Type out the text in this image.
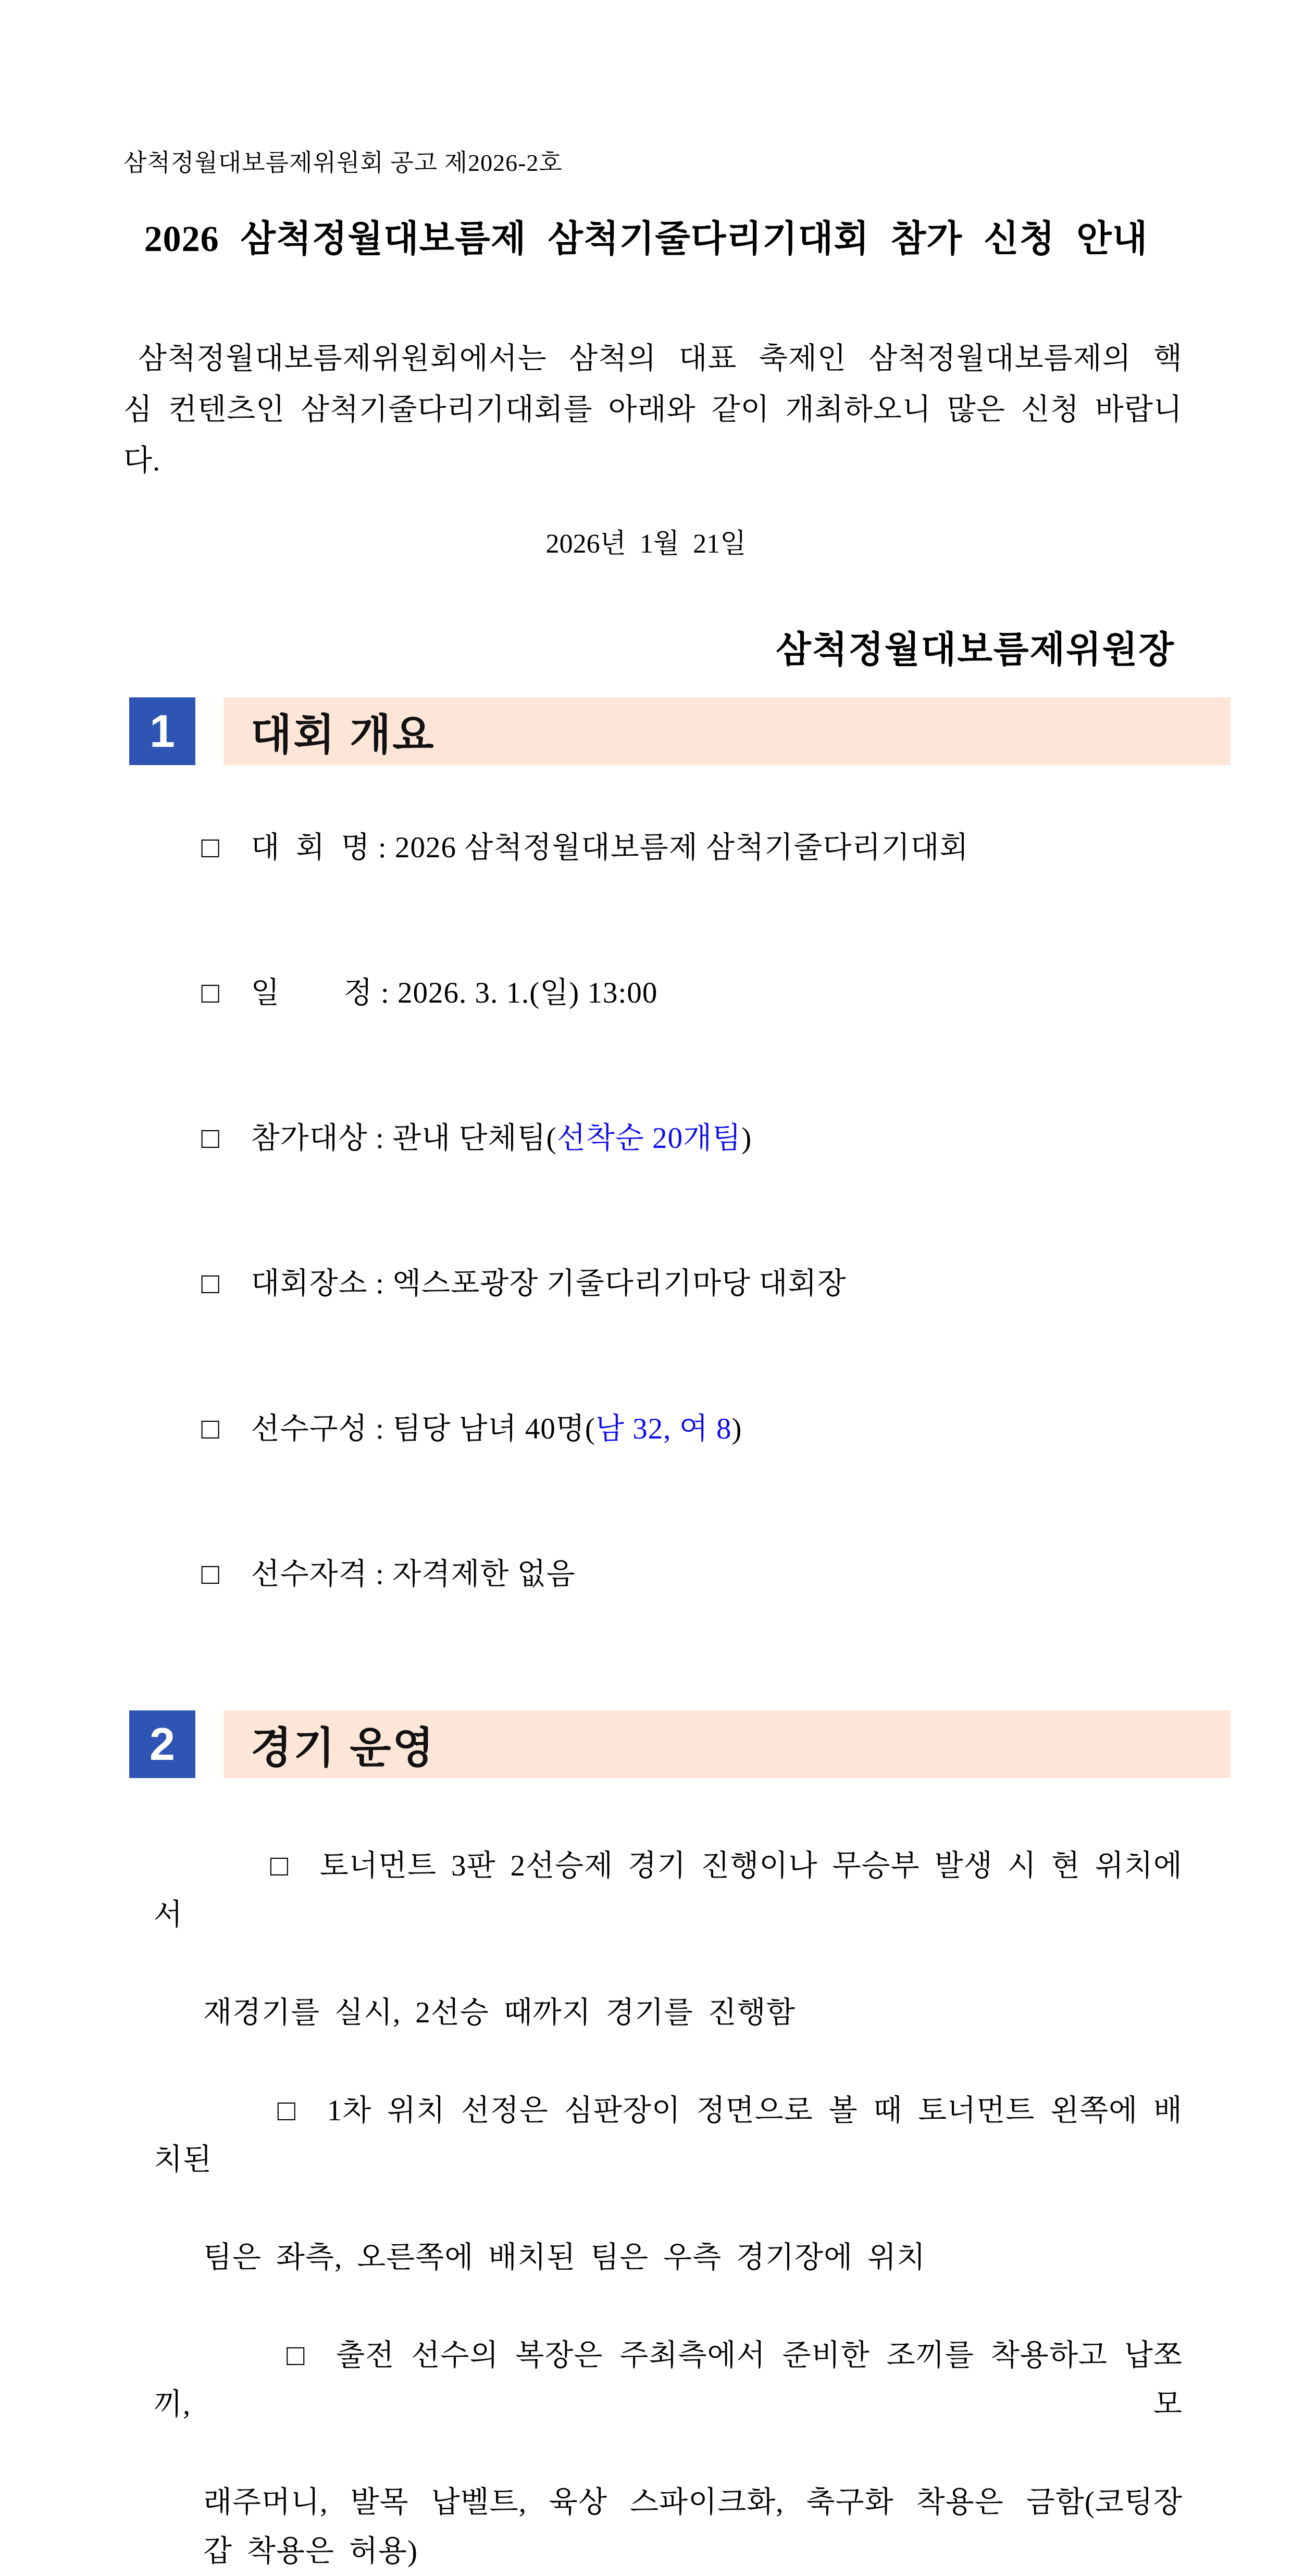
삼척정월대보름제위원회 공고 제2026-2호
2026 삼척정월대보름제 삼척기줄다리기대회 참가 신청 안내
삼척정월대보름제위원회에서는 삼척의 대표 축제인 삼척정월대보름제의 핵
심 컨텐츠인 삼척기줄다리기대회를 아래와 같이 개최하오니 많은 신청 바랍니
다.
2026년 1월 21일
삼척정월대보름제위원장
1	대회 개요

□ 대  회  명 : 2026 삼척정월대보름제 삼척기줄다리기대회

□ 일        정 : 2026. 3. 1.(일) 13:00

□ 참가대상 : 관내 단체팀(선착순 20개팀)

□ 대회장소 : 엑스포광장 기줄다리기마당 대회장

□ 선수구성 : 팀당 남녀 40명(남 32, 여 8)

□ 선수자격 : 자격제한 없음

2	경기 운영

□ 토너먼트 3판 2선승제 경기 진행이나 무승부 발생 시 현 위치에서

재경기를 실시, 2선승 때까지 경기를 진행함

□ 1차 위치 선정은 심판장이 정면으로 볼 때 토너먼트 왼쪽에 배치된

팀은 좌측, 오른쪽에 배치된 팀은 우측 경기장에 위치

□ 출전 선수의 복장은 주최측에서 준비한 조끼를 착용하고 납쪼끼, 모

래주머니, 발목 납벨트, 육상 스파이크화, 축구화 착용은 금함(코팅장
갑 착용은 허용)
